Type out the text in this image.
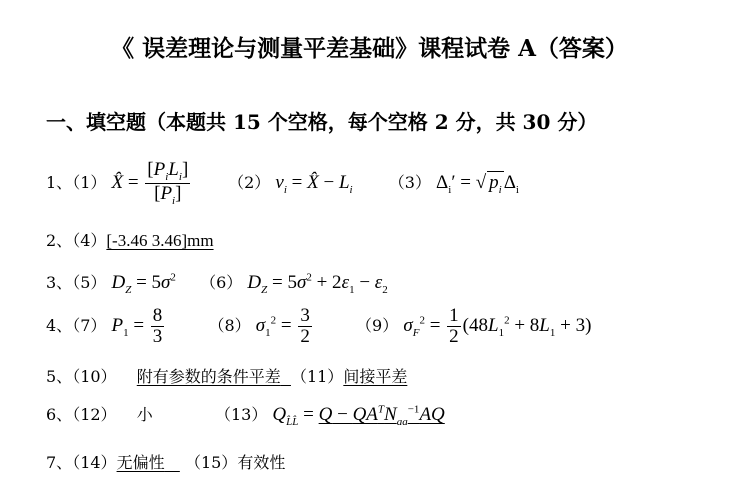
《 误差理论与测量平差基础》课程试卷 A（答案）
一、填空题（本题共 15 个空格，每个空格 2 分，共 30 分）
1、（1） X̂ = $\frac{[P_iL_i]}{[P_i]} (2) v_i$ = X̂ − $L_i$ （3） $\Delta_i'$ = √ $p_i$ $\Delta_i$
2、（4）[-3.46 3.46]mm
3、（5） $D_Z = 5\sigma^2$ （6） $D_Z = 5\sigma^2 + 2\varepsilon_1 - \varepsilon_2$
4、（7） $P_1 = \frac{8}{3}$	（8） $\sigma_1^2 = \frac{3}{2}$	（9） $\sigma_F^2 = \frac{1}{2} (48L_1^2 + 8L_1 + 3)$
5、（10） 附有参数的条件平差 （11）间接平差
6、（12） 小	（13） $Q_{L̂L̂} = Q - QA^TN_{aa}^{-1}AQ$
7、（14）无偏性 （15）有效性
